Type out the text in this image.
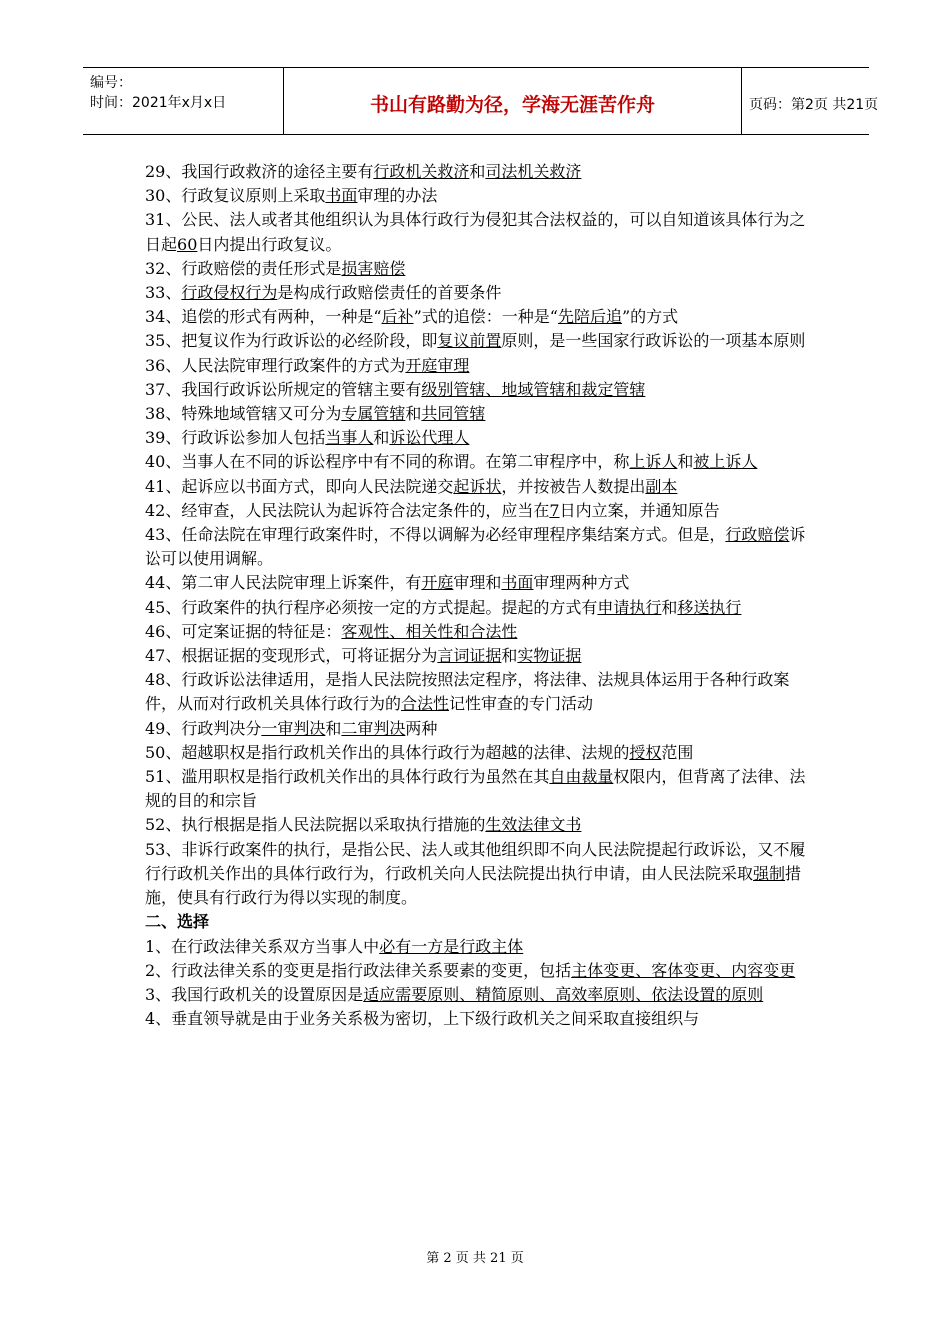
编号：
时间：2021年x月x日	书山有路勤为径，学海无涯苦作舟	页码：第2页 共21页
29、我国行政救济的途径主要有行政机关救济和司法机关救济
30、行政复议原则上采取书面审理的办法
31、公民、法人或者其他组织认为具体行政行为侵犯其合法权益的，可以自知道该具体行为之日起60日内提出行政复议。
32、行政赔偿的责任形式是损害赔偿
33、行政侵权行为是构成行政赔偿责任的首要条件
34、追偿的形式有两种，一种是“后补”式的追偿：一种是“先陪后追”的方式
35、把复议作为行政诉讼的必经阶段，即复议前置原则，是一些国家行政诉讼的一项基本原则
36、人民法院审理行政案件的方式为开庭审理
37、我国行政诉讼所规定的管辖主要有级别管辖、地域管辖和裁定管辖
38、特殊地域管辖又可分为专属管辖和共同管辖
39、行政诉讼参加人包括当事人和诉讼代理人
40、当事人在不同的诉讼程序中有不同的称谓。在第二审程序中，称上诉人和被上诉人
41、起诉应以书面方式，即向人民法院递交起诉状，并按被告人数提出副本
42、经审查，人民法院认为起诉符合法定条件的，应当在7日内立案，并通知原告
43、任命法院在审理行政案件时，不得以调解为必经审理程序集结案方式。但是，行政赔偿诉讼可以使用调解。
44、第二审人民法院审理上诉案件，有开庭审理和书面审理两种方式
45、行政案件的执行程序必须按一定的方式提起。提起的方式有申请执行和移送执行
46、可定案证据的特征是：客观性、相关性和合法性
47、根据证据的变现形式，可将证据分为言词证据和实物证据
48、行政诉讼法律适用，是指人民法院按照法定程序，将法律、法规具体运用于各种行政案件，从而对行政机关具体行政行为的合法性记性审查的专门活动
49、行政判决分一审判决和二审判决两种
50、超越职权是指行政机关作出的具体行政行为超越的法律、法规的授权范围
51、滥用职权是指行政机关作出的具体行政行为虽然在其自由裁量权限内，但背离了法律、法规的目的和宗旨
52、执行根据是指人民法院据以采取执行措施的生效法律文书
53、非诉行政案件的执行，是指公民、法人或其他组织即不向人民法院提起行政诉讼，又不履行行政机关作出的具体行政行为，行政机关向人民法院提出执行申请，由人民法院采取强制措施，使具有行政行为得以实现的制度。
二、选择
1、在行政法律关系双方当事人中必有一方是行政主体
2、行政法律关系的变更是指行政法律关系要素的变更，包括主体变更、客体变更、内容变更
3、我国行政机关的设置原因是适应需要原则、精简原则、高效率原则、依法设置的原则
4、垂直领导就是由于业务关系极为密切，上下级行政机关之间采取直接组织与
第 2 页 共 21 页
